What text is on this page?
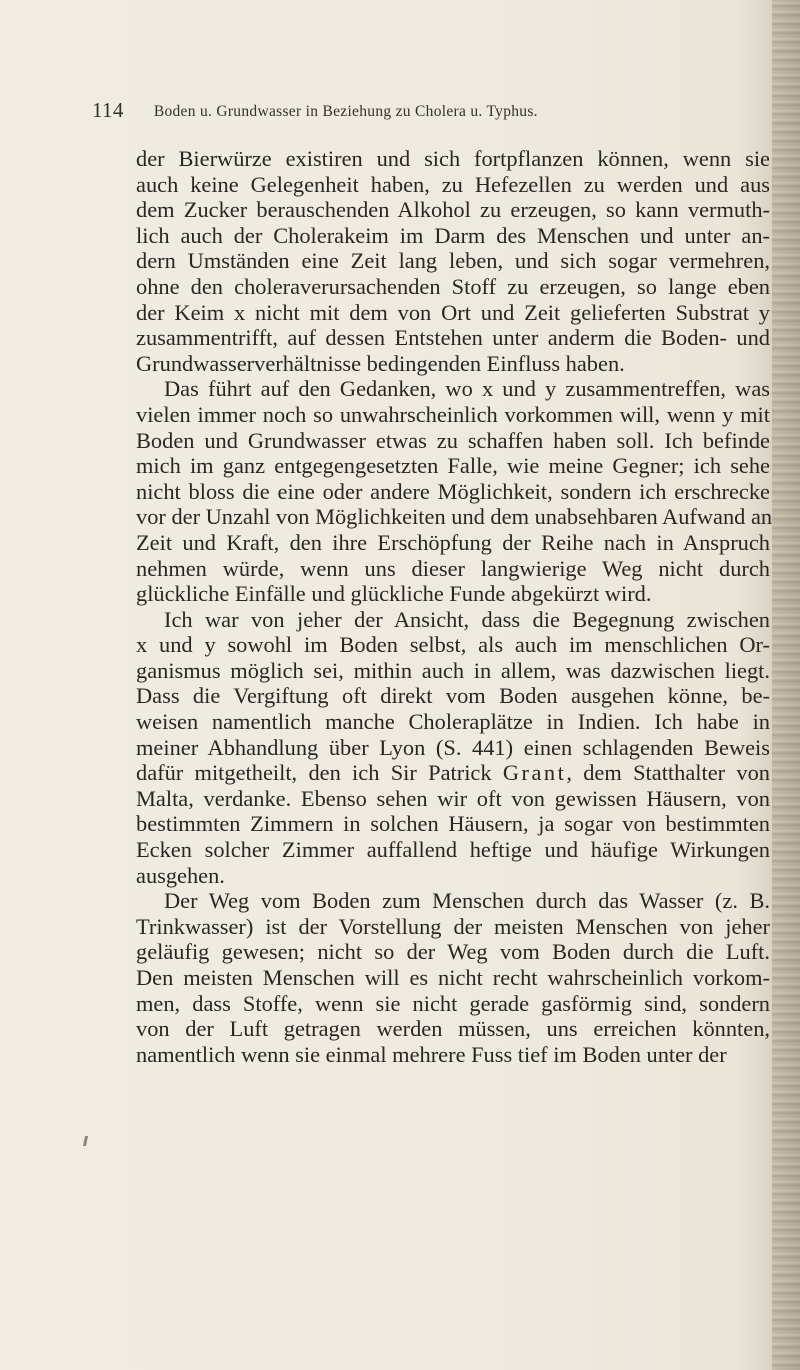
114 Boden u. Grundwasser in Beziehung zu Cholera u. Typhus.
der Bierwürze existiren und sich fortpflanzen können, wenn sie
auch keine Gelegenheit haben, zu Hefezellen zu werden und aus
dem Zucker berauschenden Alkohol zu erzeugen, so kann vermuth-
lich auch der Cholerakeim im Darm des Menschen und unter an-
dern Umständen eine Zeit lang leben, und sich sogar vermehren,
ohne den choleraverursachenden Stoff zu erzeugen, so lange eben
der Keim x nicht mit dem von Ort und Zeit gelieferten Substrat y
zusammentrifft, auf dessen Entstehen unter anderm die Boden- und
Grundwasserverhältnisse bedingenden Einfluss haben.
Das führt auf den Gedanken, wo x und y zusammentreffen, was
vielen immer noch so unwahrscheinlich vorkommen will, wenn y mit
Boden und Grundwasser etwas zu schaffen haben soll. Ich befinde
mich im ganz entgegengesetzten Falle, wie meine Gegner; ich sehe
nicht bloss die eine oder andere Möglichkeit, sondern ich erschrecke
vor der Unzahl von Möglichkeiten und dem unabsehbaren Aufwand an
Zeit und Kraft, den ihre Erschöpfung der Reihe nach in Anspruch
nehmen würde, wenn uns dieser langwierige Weg nicht durch
glückliche Einfälle und glückliche Funde abgekürzt wird.
Ich war von jeher der Ansicht, dass die Begegnung zwischen
x und y sowohl im Boden selbst, als auch im menschlichen Or-
ganismus möglich sei, mithin auch in allem, was dazwischen liegt.
Dass die Vergiftung oft direkt vom Boden ausgehen könne, be-
weisen namentlich manche Choleraplätze in Indien. Ich habe in
meiner Abhandlung über Lyon (S. 441) einen schlagenden Beweis
dafür mitgetheilt, den ich Sir Patrick Grant, dem Statthalter von
Malta, verdanke. Ebenso sehen wir oft von gewissen Häusern, von
bestimmten Zimmern in solchen Häusern, ja sogar von bestimmten
Ecken solcher Zimmer auffallend heftige und häufige Wirkungen
ausgehen.
Der Weg vom Boden zum Menschen durch das Wasser (z. B.
Trinkwasser) ist der Vorstellung der meisten Menschen von jeher
geläufig gewesen; nicht so der Weg vom Boden durch die Luft.
Den meisten Menschen will es nicht recht wahrscheinlich vorkom-
men, dass Stoffe, wenn sie nicht gerade gasförmig sind, sondern
von der Luft getragen werden müssen, uns erreichen könnten,
namentlich wenn sie einmal mehrere Fuss tief im Boden unter der
